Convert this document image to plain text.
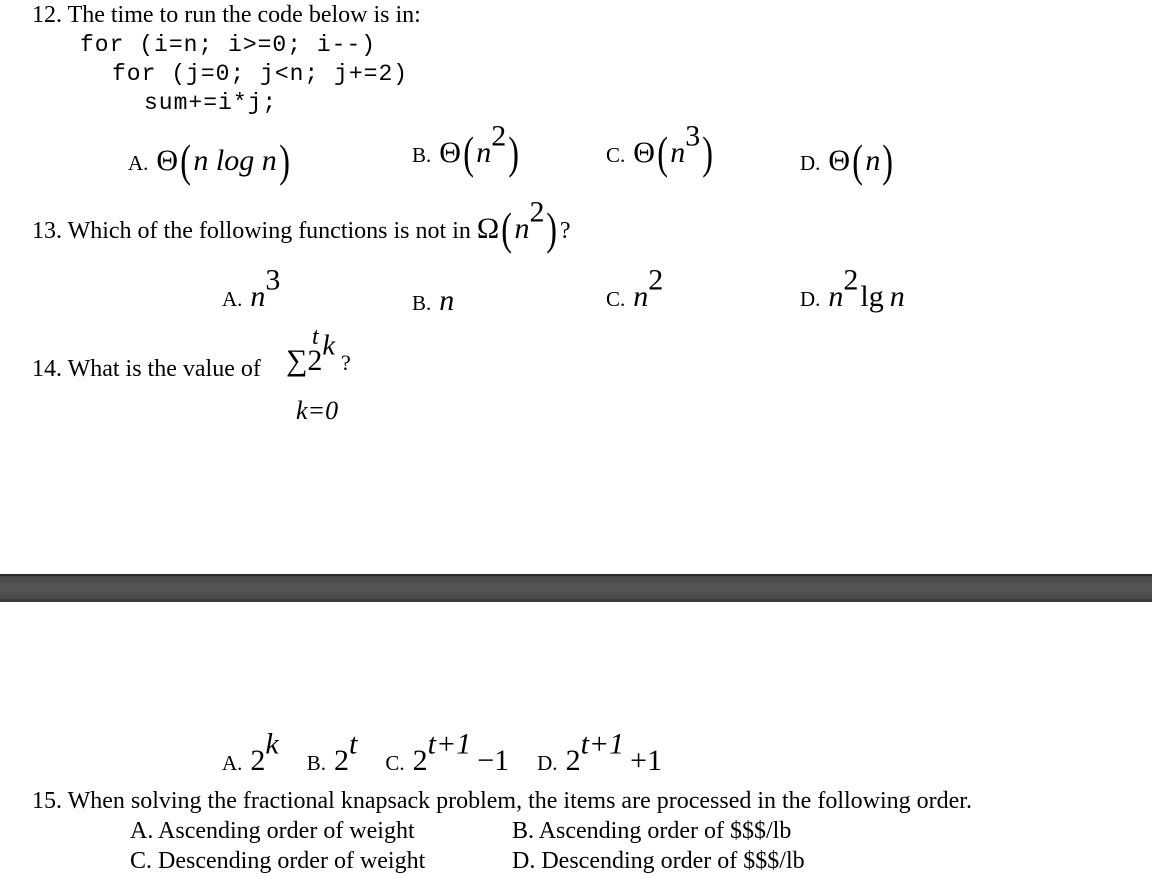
12. The time to run the code below is in:
for (i=n; i>=0; i--)
for (j=0; j<n; j+=2)
sum+=i*j;
A. Θ(n log n)	B. $\Theta(n^2)$	C. $\Theta(n^3)$	D. Θ(n)
13. Which of the following functions is not in $\Omega(n^2)$?
A. $n^3$
B. n	C. $n^2$
D. $n^2\lg$ n
14. What is the value of
t
∑2$^k$?
k=0
A. 2$^k$ B. 2$^t$ C. $2^{t+1} -1$ D. $2^{t+1} +1$
15. When solving the fractional knapsack problem, the items are processed in the following order.
A. Ascending order of weight	B. Ascending order of $$$/lb
C. Descending order of weight	D. Descending order of $$$/lb
